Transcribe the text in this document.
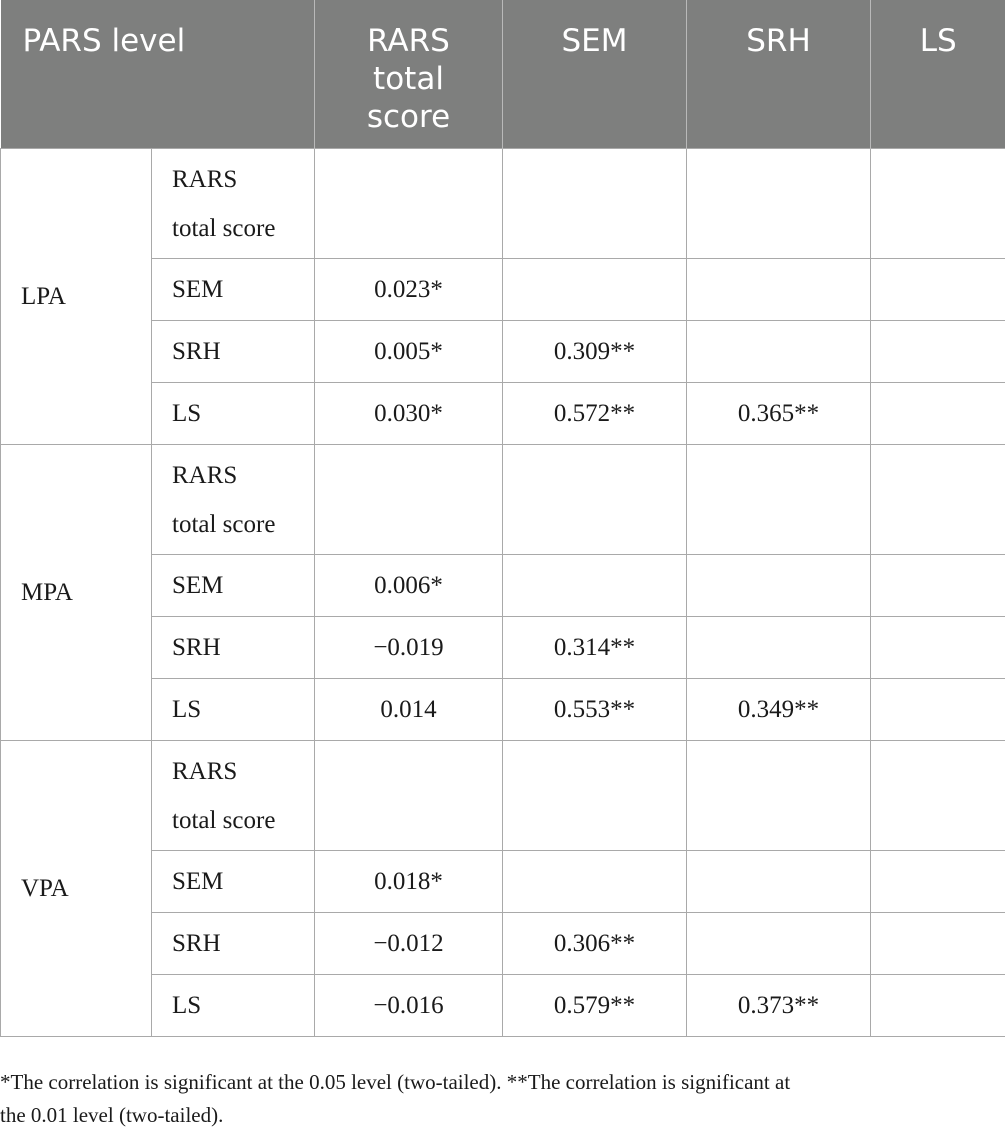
PARS level		RARS
total
score	SEM	SRH	LS
LPA	RARS
total score				
	SEM	0.023*			
	SRH	0.005*	0.309**		
	LS	0.030*	0.572**	0.365**	
MPA	RARS
total score				
	SEM	0.006*			
	SRH	−0.019	0.314**		
	LS	0.014	0.553**	0.349**	
VPA	RARS
total score				
	SEM	0.018*			
	SRH	−0.012	0.306**		
	LS	−0.016	0.579**	0.373**	
*The correlation is significant at the 0.05 level (two-tailed). **The correlation is significant at
the 0.01 level (two-tailed).
